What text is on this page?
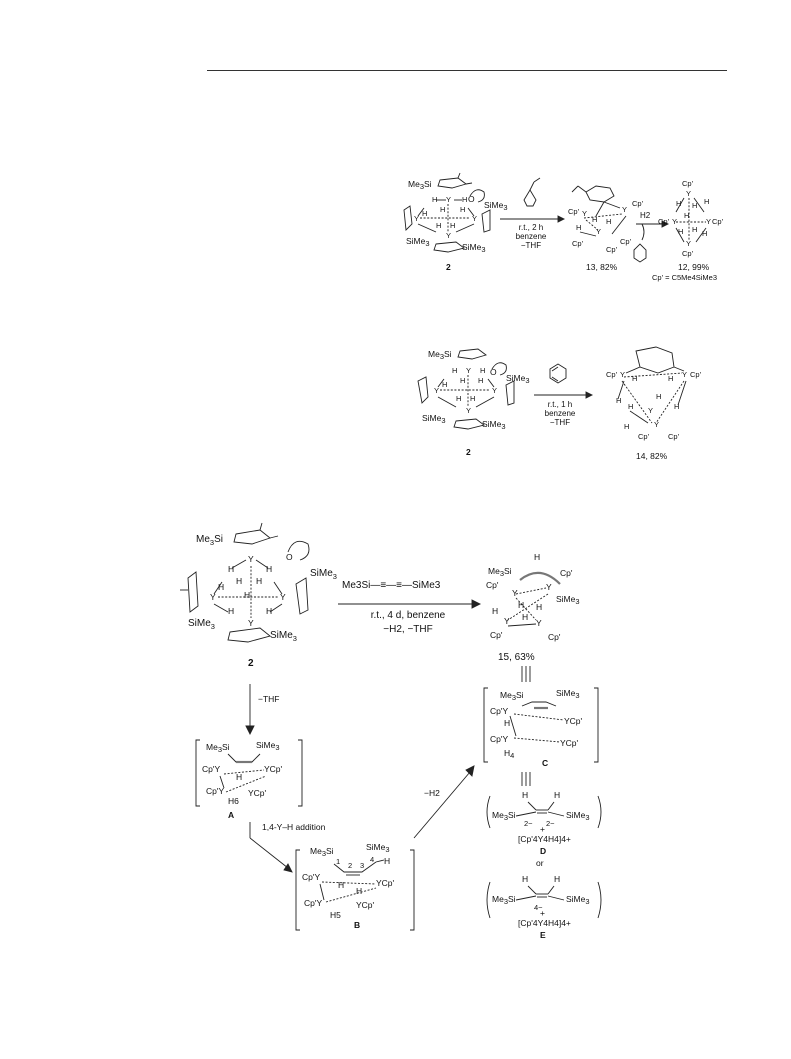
Me3Si
Y
H	H
H H H
Y	Y
H H
Y
O
SiMe3
SiMe3	SiMe3
2
r.t., 2 h
benzene
−THF
Cp'
Cp'
Y	Y
H H
H Y
Cp'
Cp'
Cp'
13, 82%
H2
Cp'
Y
H H H
Cp' Y
H
Y Cp'
H H H
Y
Cp'
12, 99%
Cp' = C5Me4SiMe3
Me3Si
Y
H	H
H H H
Y	Y
H H
Y
O
SiMe3
SiMe3	SiMe3
2
r.t., 1 h
benzene
−THF
Cp' Y H	H Y Cp'
H
H
H Y	H
H	Y
Cp'	Cp'
14, 82%
$Me_3Si$
Y
H	H
H
H H
Y	Y
H
H	H
Y
O
SiMe$_3$
SiMe$_3$
SiMe$_3$
2
Me3Si—≡—≡—SiMe3
r.t., 4 d, benzene
−H2, −THF
H
Me3Si	Cp'
Cp'
Y
Y
H
SiMe3
H
H
Y	Y
H
Cp'	Cp'
15, 63%
Me3Si	SiMe3
Cp'Y
YCp'
H
Cp'Y	YCp'
H4
C
H	H
Me3Si
2− 2−
SiMe3
+
[Cp'4Y4H4]4+
D
or
H	H
Me3Si
4−
SiMe3
+
[Cp'4Y4H4]4+
E
−THF
Me3Si	SiMe3
Cp'Y	YCp'
H
Cp'Y	YCp'
H6
A
1,4-Y–H addition
Me3Si	SiMe3
1 2 3
4 H
Cp'Y
YCp'
H
H
Cp'Y	YCp'
H5
B
−H2
